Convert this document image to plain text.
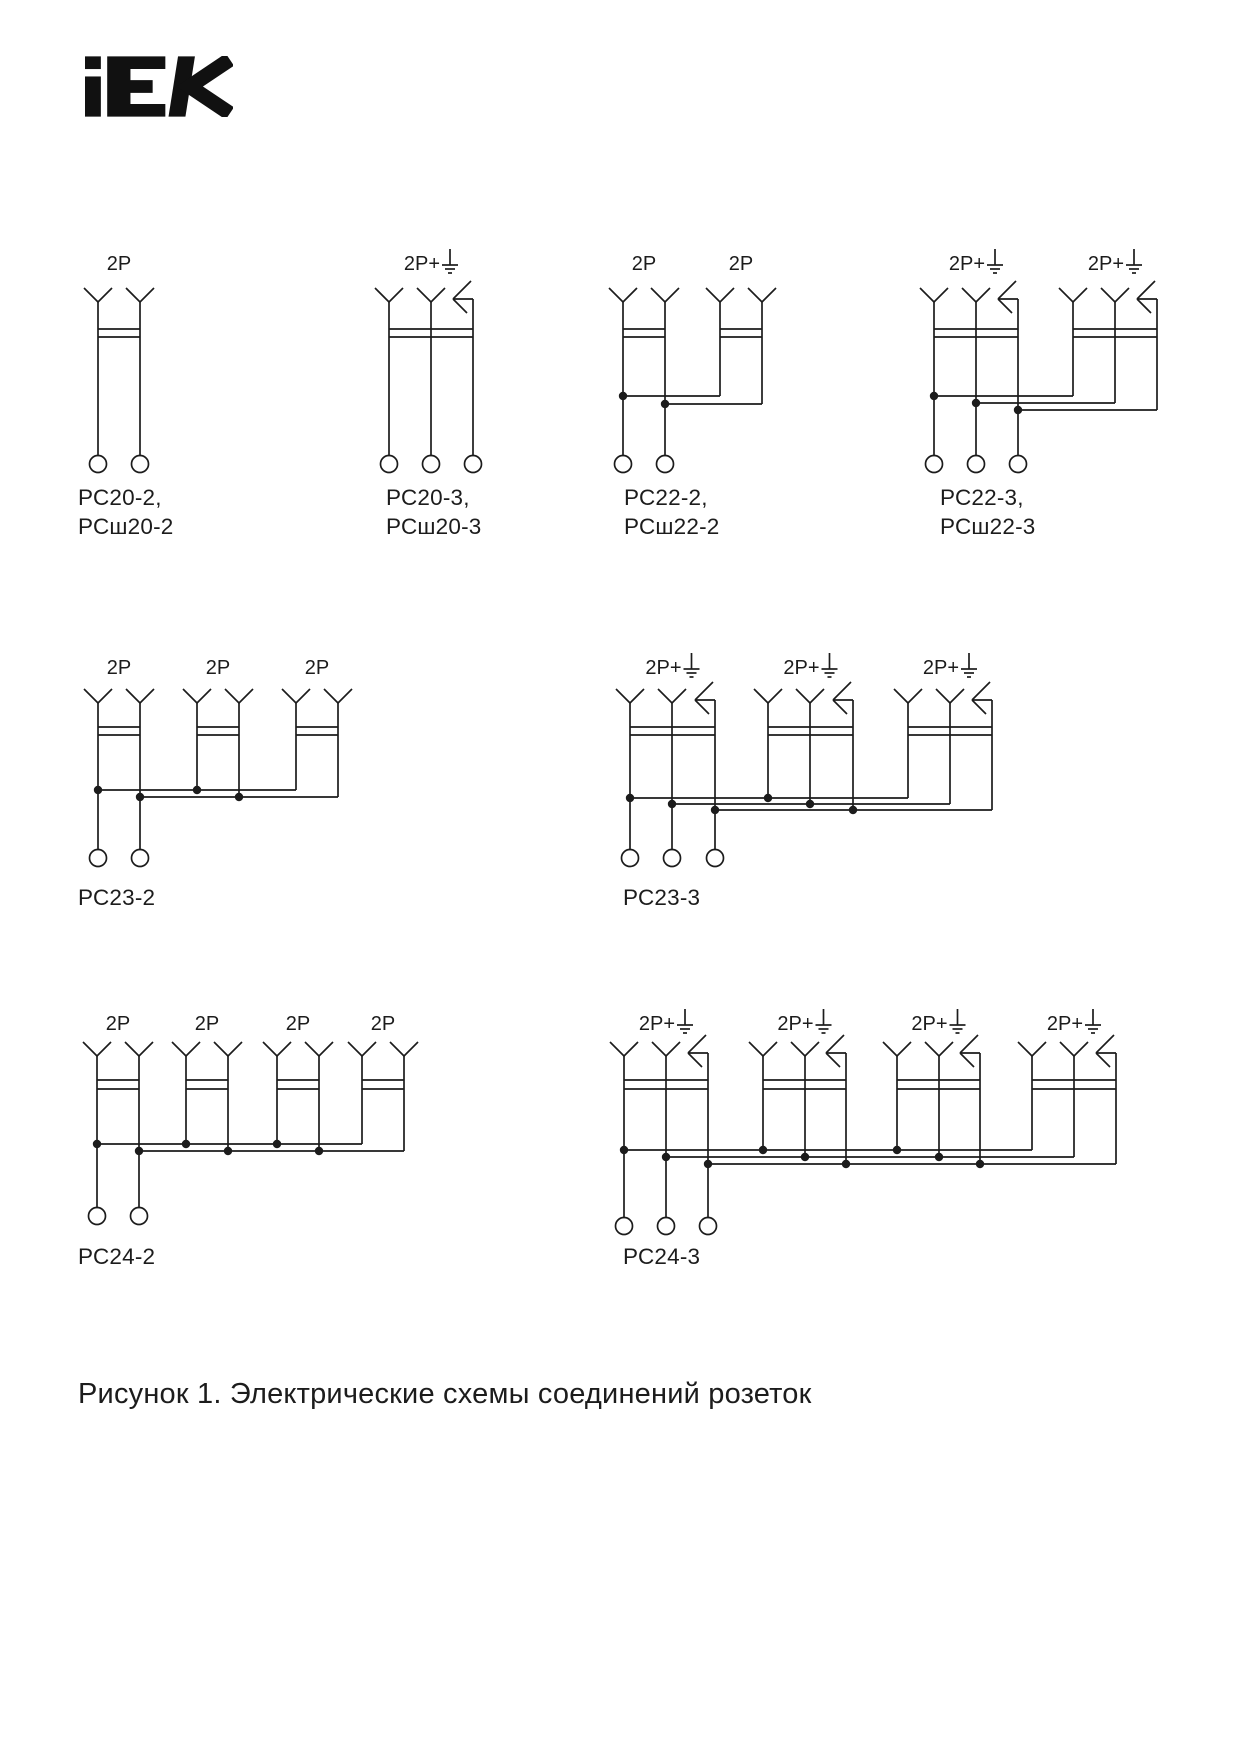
2P
РС20-2,
РСш20-2
2P+
РС20-3,
РСш20-3
2P	2P
РС22-2,
РСш22-2
2P+	2P+
РС22-3,
РСш22-3
2P	2P	2P
РС23-2
2P+	2P+	2P+
РС23-3
2P	2P	2P	2P
РС24-2
2P+	2P+	2P+	2P+
РС24-3
Рисунок 1. Электрические схемы соединений розеток
